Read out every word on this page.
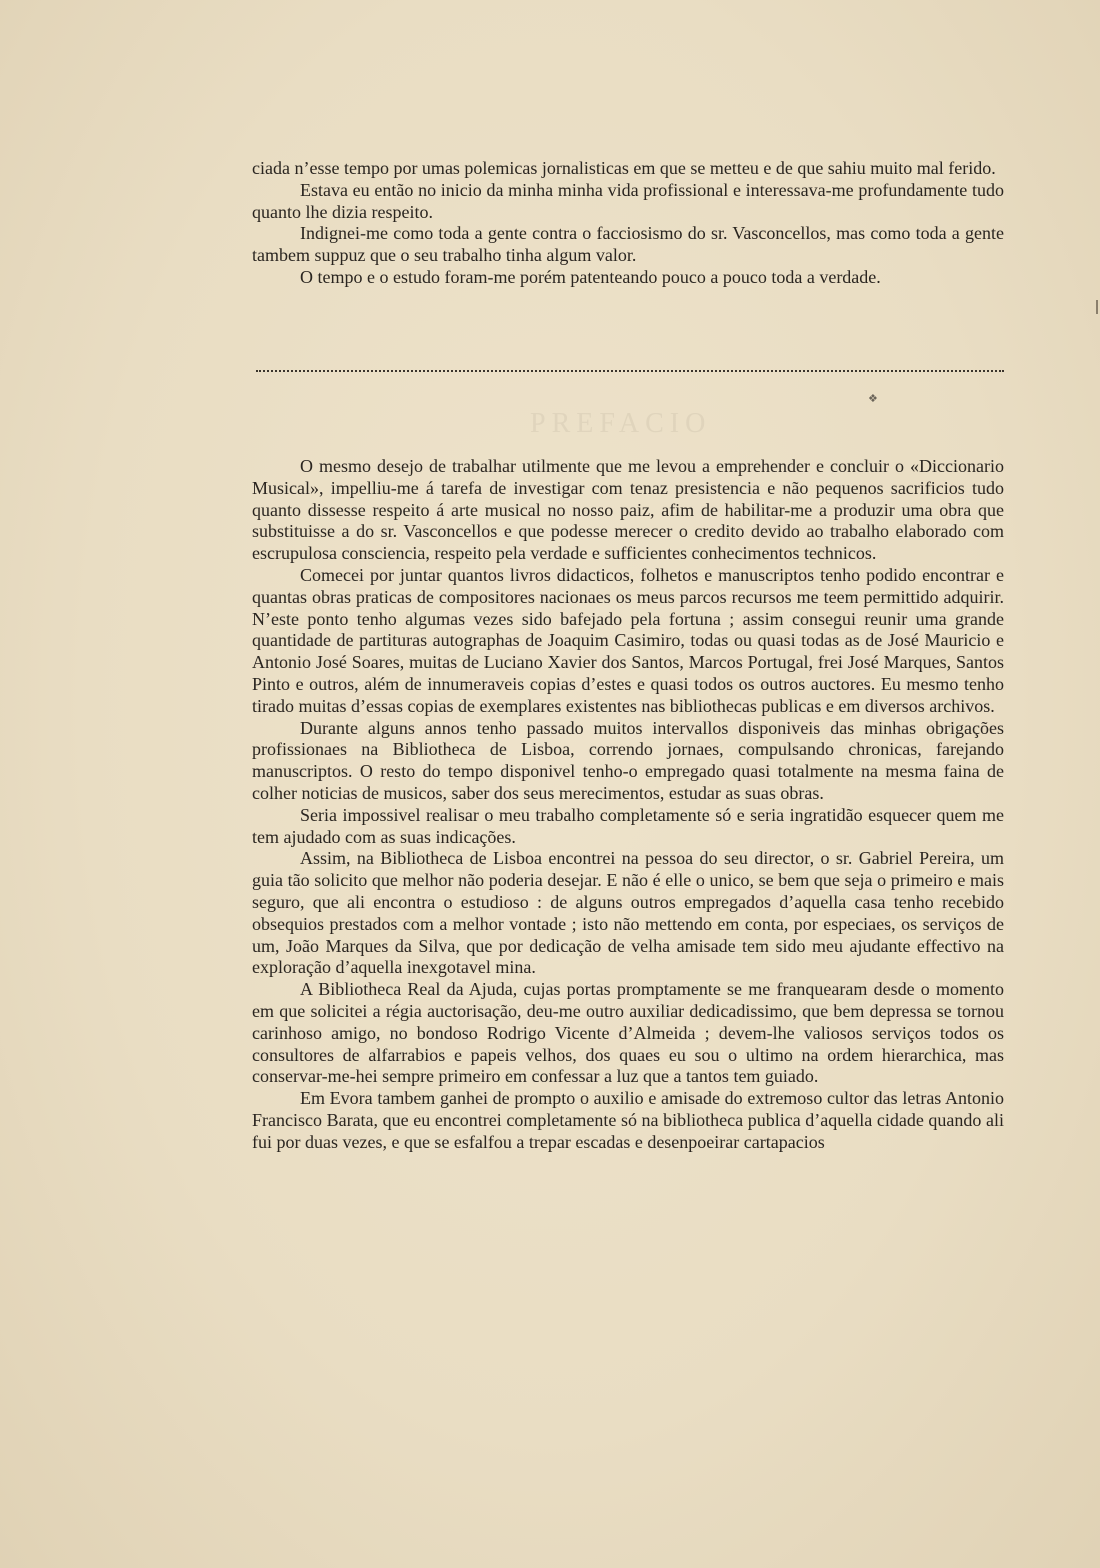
ciada n’esse tempo por umas polemicas jornalisticas em que se metteu e de que sahiu muito mal ferido.

Estava eu então no inicio da minha minha vida profissional e interessava-me profundamente tudo quanto lhe dizia respeito.

Indignei-me como toda a gente contra o facciosismo do sr. Vasconcellos, mas como toda a gente tambem suppuz que o seu trabalho tinha algum valor.

O tempo e o estudo foram-me porém patenteando pouco a pouco toda a verdade.

❖
PREFACIO

O mesmo desejo de trabalhar utilmente que me levou a emprehender e concluir o «Diccionario Musical», impelliu-me á tarefa de investigar com tenaz presistencia e não pequenos sacrificios tudo quanto dissesse respeito á arte musical no nosso paiz, afim de habilitar-me a produzir uma obra que substituisse a do sr. Vasconcellos e que podesse merecer o credito devido ao trabalho elaborado com escrupulosa consciencia, respeito pela verdade e sufficientes conhecimentos technicos.

Comecei por juntar quantos livros didacticos, folhetos e manuscriptos tenho podido encontrar e quantas obras praticas de compositores nacionaes os meus parcos recursos me teem permittido adquirir. N’este ponto tenho algumas vezes sido bafejado pela fortuna ; assim consegui reunir uma grande quantidade de partituras autographas de Joaquim Casimiro, todas ou quasi todas as de José Mauricio e Antonio José Soares, muitas de Luciano Xavier dos Santos, Marcos Portugal, frei José Marques, Santos Pinto e outros, além de innumeraveis copias d’estes e quasi todos os outros auctores. Eu mesmo tenho tirado muitas d’essas copias de exemplares existentes nas bibliothecas publicas e em diversos archivos.

Durante alguns annos tenho passado muitos intervallos disponiveis das minhas obrigações profissionaes na Bibliotheca de Lisboa, correndo jornaes, compulsando chronicas, farejando manuscriptos. O resto do tempo disponivel tenho-o empregado quasi totalmente na mesma faina de colher noticias de musicos, saber dos seus merecimentos, estudar as suas obras.

Seria impossivel realisar o meu trabalho completamente só e seria ingratidão esquecer quem me tem ajudado com as suas indicações.

Assim, na Bibliotheca de Lisboa encontrei na pessoa do seu director, o sr. Gabriel Pereira, um guia tão solicito que melhor não poderia desejar. E não é elle o unico, se bem que seja o primeiro e mais seguro, que ali encontra o estudioso : de alguns outros empregados d’aquella casa tenho recebido obsequios prestados com a melhor vontade ; isto não mettendo em conta, por especiaes, os serviços de um, João Marques da Silva, que por dedicação de velha amisade tem sido meu ajudante effectivo na exploração d’aquella inexgotavel mina.

A Bibliotheca Real da Ajuda, cujas portas promptamente se me franquearam desde o momento em que solicitei a régia auctorisação, deu-me outro auxiliar dedicadissimo, que bem depressa se tornou carinhoso amigo, no bondoso Rodrigo Vicente d’Almeida ; devem-lhe valiosos serviços todos os consultores de alfarrabios e papeis velhos, dos quaes eu sou o ultimo na ordem hierarchica, mas conservar-me-hei sempre primeiro em confessar a luz que a tantos tem guiado.

Em Evora tambem ganhei de prompto o auxilio e amisade do extremoso cultor das letras Antonio Francisco Barata, que eu encontrei completamente só na bibliotheca publica d’aquella cidade quando ali fui por duas vezes, e que se esfalfou a trepar escadas e desenpoeirar cartapacios
